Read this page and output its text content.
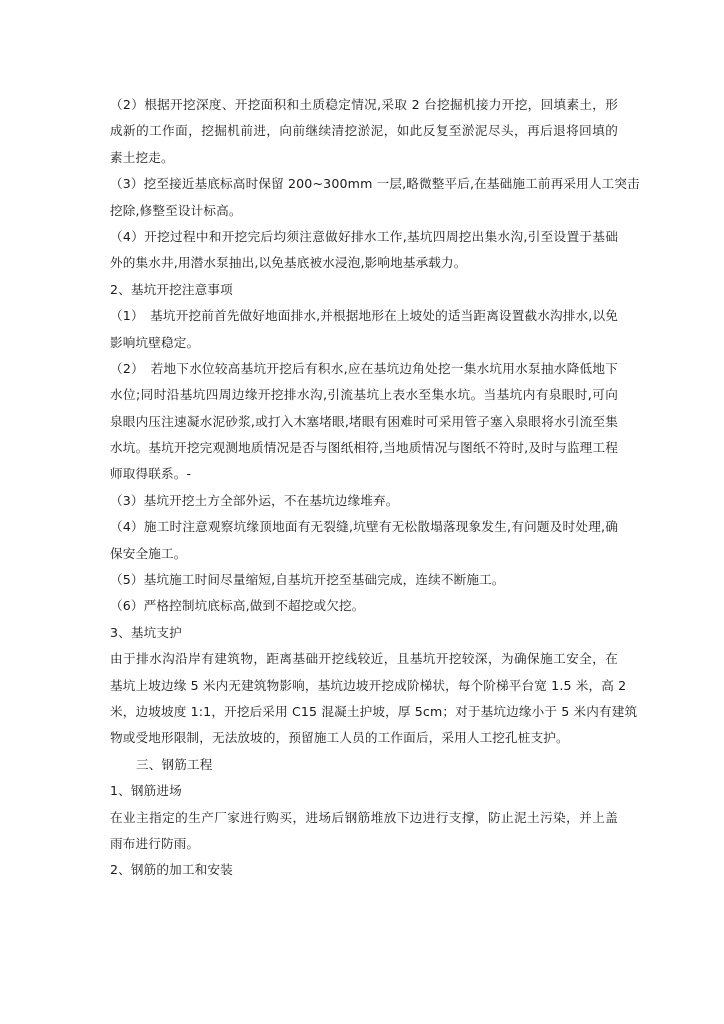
（2）根据开挖深度、开挖面积和土质稳定情况,采取 2 台挖掘机接力开挖，回填素土，形
成新的工作面，挖掘机前进，向前继续清挖淤泥，如此反复至淤泥尽头，再后退将回填的
素土挖走。
（3）挖至接近基底标高时保留 200~300mm 一层,略微整平后,在基础施工前再采用人工突击
挖除,修整至设计标高。
（4）开挖过程中和开挖完后均须注意做好排水工作,基坑四周挖出集水沟,引至设置于基础
外的集水井,用潜水泵抽出,以免基底被水浸泡,影响地基承载力。
2、基坑开挖注意事项
（1）　基坑开挖前首先做好地面排水,并根据地形在上坡处的适当距离设置截水沟排水,以免
影响坑壁稳定。
（2）　若地下水位较高基坑开挖后有积水,应在基坑边角处挖一集水坑用水泵抽水降低地下
水位;同时沿基坑四周边缘开挖排水沟,引流基坑上表水至集水坑。当基坑内有泉眼时,可向
泉眼内压注速凝水泥砂浆,或打入木塞堵眼,堵眼有困难时可采用管子塞入泉眼将水引流至集
水坑。基坑开挖完观测地质情况是否与图纸相符,当地质情况与图纸不符时,及时与监理工程
师取得联系。-
（3）基坑开挖土方全部外运，不在基坑边缘堆弃。
（4）施工时注意观察坑缘顶地面有无裂缝,坑壁有无松散塌落现象发生,有问题及时处理,确
保安全施工。
（5）基坑施工时间尽量缩短,自基坑开挖至基础完成，连续不断施工。
（6）严格控制坑底标高,做到不超挖或欠挖。
3、基坑支护
由于排水沟沿岸有建筑物，距离基础开挖线较近，且基坑开挖较深，为确保施工安全，在
基坑上坡边缘 5 米内无建筑物影响，基坑边坡开挖成阶梯状，每个阶梯平台宽 1.5 米，高 2
米，边坡坡度 1:1，开挖后采用 C15 混凝土护坡，厚 5cm；对于基坑边缘小于 5 米内有建筑
物或受地形限制，无法放坡的，预留施工人员的工作面后，采用人工挖孔桩支护。
三、钢筋工程
1、钢筋进场
在业主指定的生产厂家进行购买，进场后钢筋堆放下边进行支撑，防止泥土污染，并上盖
雨布进行防雨。
2、钢筋的加工和安装
